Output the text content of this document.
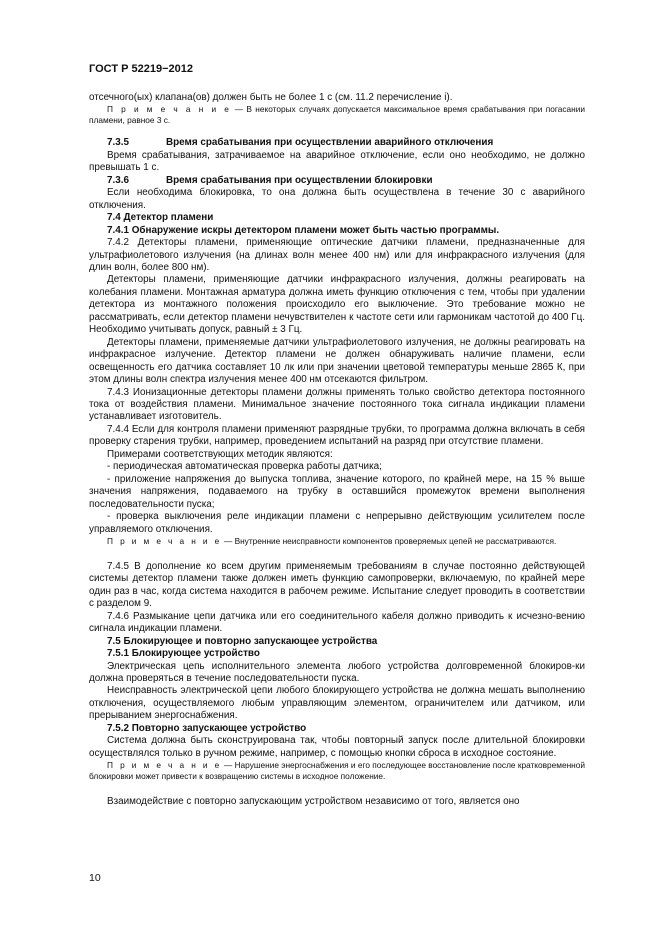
ГОСТ Р 52219−2012

отсечного(ых) клапана(ов) должен быть не более 1 с (см. 11.2 перечисление i).

П р и м е ч а н и е — В некоторых случаях допускается максимальное время срабатывания при погасании пламени, равное 3 с.

7.3.5	Время срабатывания при осуществлении аварийного отключения

Время срабатывания, затрачиваемое на аварийное отключение, если оно необходимо, не должно превышать 1 с.

7.3.6	Время срабатывания при осуществлении блокировки

Если необходима блокировка, то она должна быть осуществлена в течение 30 с аварийного отключения.

7.4 Детектор пламени

7.4.1 Обнаружение искры детектором пламени может быть частью программы.

7.4.2 Детекторы пламени, применяющие оптические датчики пламени, предназначенные для ультрафиолетового излучения (на длинах волн менее 400 нм) или для инфракрасного излучения (для длин волн, более 800 нм).

Детекторы пламени, применяющие датчики инфракрасного излучения, должны реагировать на колебания пламени. Монтажная арматура должна иметь функцию отключения с тем, чтобы при удалении детектора из монтажного положения происходило его выключение. Это требование можно не рассматривать, если детектор пламени нечувствителен к частоте сети или гармоникам частотой до 400 Гц. Необходимо учитывать допуск, равный ± 3 Гц.

Детекторы пламени, применяемые датчики ультрафиолетового излучения, не должны реагировать на инфракрасное излучение. Детектор пламени не должен обнаруживать наличие пламени, если освещенность его датчика составляет 10 лк или при значении цветовой температуры меньше 2865 К, при этом длины волн спектра излучения менее 400 нм отсекаются фильтром.

7.4.3 Ионизационные детекторы пламени должны применять только свойство детектора постоянного тока от воздействия пламени. Минимальное значение постоянного тока сигнала индикации пламени устанавливает изготовитель.

7.4.4 Если для контроля пламени применяют разрядные трубки, то программа должна включать в себя проверку старения трубки, например, проведением испытаний на разряд при отсутствие пламени.

Примерами соответствующих методик являются:

- периодическая автоматическая проверка работы датчика;

- приложение напряжения до выпуска топлива, значение которого, по крайней мере, на 15 % выше значения напряжения, подаваемого на трубку в оставшийся промежуток времени выполнения последовательности пуска;

- проверка выключения реле индикации пламени с непрерывно действующим усилителем после управляемого отключения.

П р и м е ч а н и е — Внутренние неисправности компонентов проверяемых цепей не рассматриваются.

7.4.5 В дополнение ко всем другим применяемым требованиям в случае постоянно действующей системы детектор пламени также должен иметь функцию самопроверки, включаемую, по крайней мере один раз в час, когда система находится в рабочем режиме. Испытание следует проводить в соответствии с разделом 9.

7.4.6 Размыкание цепи датчика или его соединительного кабеля должно приводить к исчезно-вению сигнала индикации пламени.

7.5 Блокирующее и повторно запускающее устройства

7.5.1 Блокирующее устройство

Электрическая цепь исполнительного элемента любого устройства долговременной блокиров-ки должна проверяться в течение последовательности пуска.

Неисправность электрической цепи любого блокирующего устройства не должна мешать выполнению отключения, осуществляемого любым управляющим элементом, ограничителем или датчиком, или прерыванием энергоснабжения.

7.5.2 Повторно запускающее устройство

Система должна быть сконструирована так, чтобы повторный запуск после длительной блокировки осуществлялся только в ручном режиме, например, с помощью кнопки сброса в исходное состояние.

П р и м е ч а н и е — Нарушение энергоснабжения и его последующее восстановление после кратковременной блокировки может привести к возвращению системы в исходное положение.

Взаимодействие с повторно запускающим устройством независимо от того, является оно

10
